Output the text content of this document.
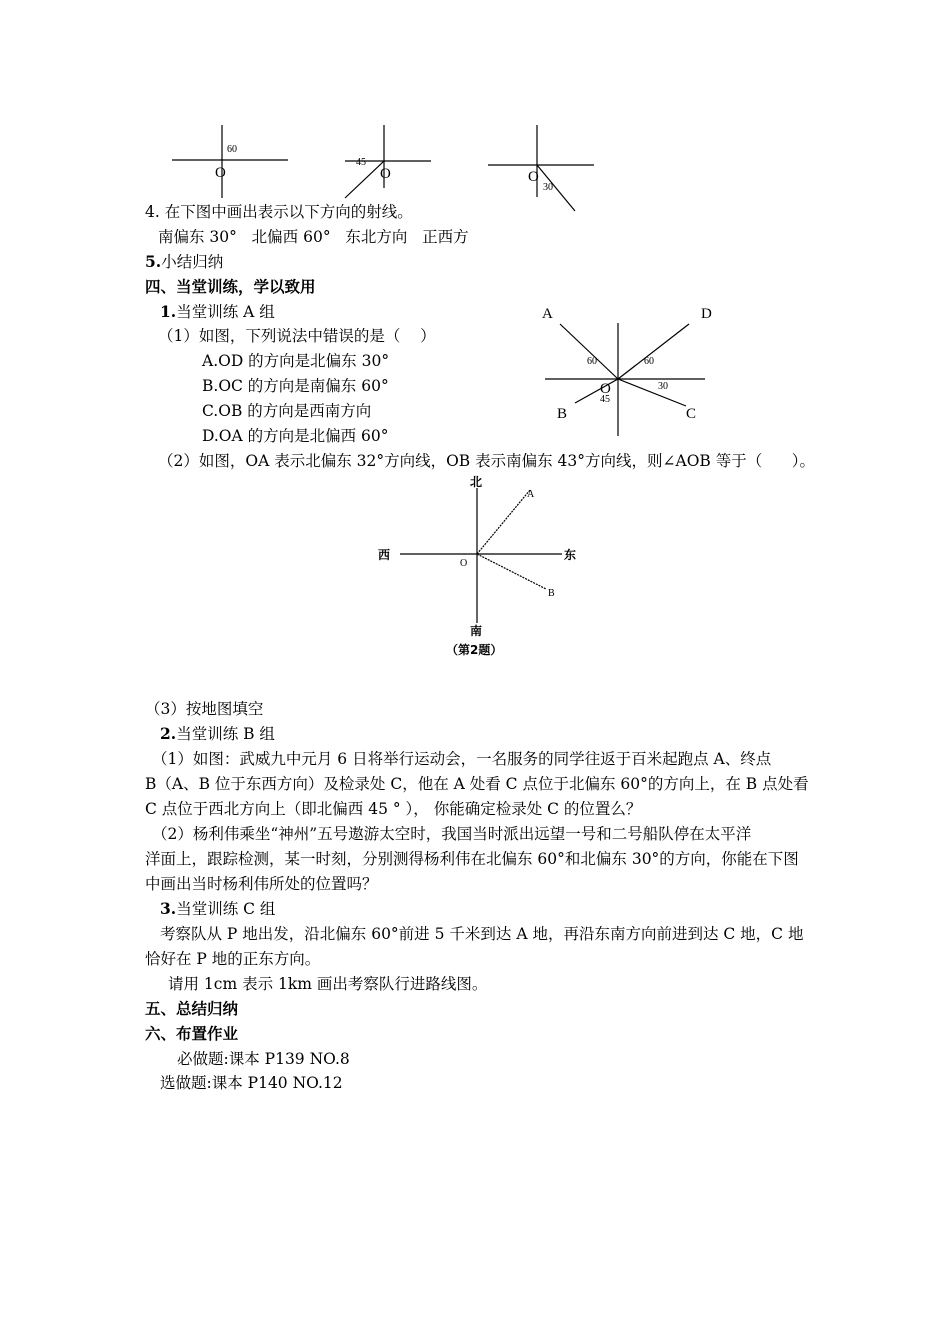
60
O
45
O	O
30
4. 在下图中画出表示以下方向的射线。
南偏东 30°   北偏西 60°   东北方向   正西方
5.小结归纳
四、当堂训练，学以致用
1.当堂训练 A 组
（1）如图，下列说法中错误的是（    ）
A.OD 的方向是北偏东 30°
B.OC 的方向是南偏东 60°
C.OB 的方向是西南方向
D.OA 的方向是北偏西 60°
A	D
B	C
O
60	60
30
45
（2）如图，OA 表示北偏东 32°方向线，OB 表示南偏东 43°方向线，则∠AOB 等于（      ）。
北
南
西	东
O
A
B
（第2题）
（3）按地图填空
2.当堂训练 B 组
（1）如图：武威九中元月 6 日将举行运动会，一名服务的同学往返于百米起跑点 A、终点
B（A、B 位于东西方向）及检录处 C，他在 A 处看 C 点位于北偏东 60°的方向上，在 B 点处看
C 点位于西北方向上（即北偏西 45 ° ）， 你能确定检录处 C 的位置么？
（2）杨利伟乘坐“神州”五号遨游太空时，我国当时派出远望一号和二号船队停在太平洋
洋面上，跟踪检测，某一时刻，分别测得杨利伟在北偏东 60°和北偏东 30°的方向，你能在下图
中画出当时杨利伟所处的位置吗？
3.当堂训练 C 组
考察队从 P 地出发，沿北偏东 60°前进 5 千米到达 A 地，再沿东南方向前进到达 C 地，C 地
恰好在 P 地的正东方向。
请用 1cm 表示 1km 画出考察队行进路线图。
五、总结归纳
六、布置作业
必做题:课本 P139 NO.8
选做题:课本 P140 NO.12
